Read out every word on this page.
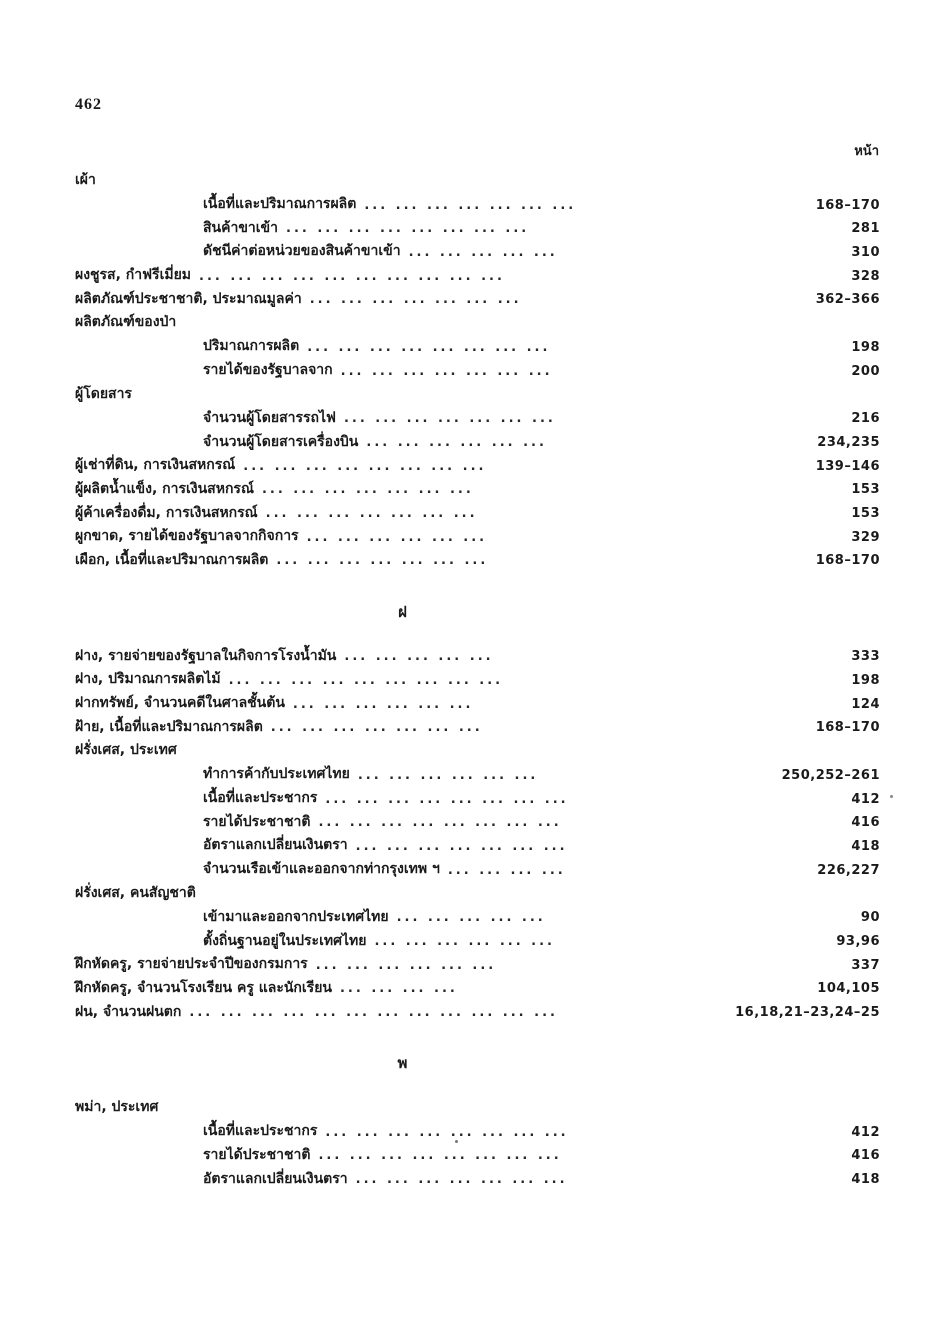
462
หน้า
เผ้า
เนื้อที่และปริมาณการผลิต ... ... ... ... ... ... ...	168–170
สินค้าขาเข้า ... ... ... ... ... ... ... ...	281
ดัชนีค่าต่อหน่วยของสินค้าขาเข้า ... ... ... ... ...	310
ผงชูรส, กำฟรีเมี่ยม ... ... ... ... ... ... ... ... ... ...	328
ผลิตภัณฑ์ประชาชาติ, ประมาณมูลค่า ... ... ... ... ... ... ...	362–366
ผลิตภัณฑ์ของป่า
ปริมาณการผลิต ... ... ... ... ... ... ... ...	198
รายได้ของรัฐบาลจาก ... ... ... ... ... ... ...	200
ผู้โดยสาร
จำนวนผู้โดยสารรถไฟ ... ... ... ... ... ... ...	216
จำนวนผู้โดยสารเครื่องบิน ... ... ... ... ... ...	234,235
ผู้เช่าที่ดิน, การเงินสหกรณ์ ... ... ... ... ... ... ... ...	139–146
ผู้ผลิตน้ำแข็ง, การเงินสหกรณ์ ... ... ... ... ... ... ...	153
ผู้ค้าเครื่องดื่ม, การเงินสหกรณ์ ... ... ... ... ... ... ...	153
ผูกขาด, รายได้ของรัฐบาลจากกิจการ ... ... ... ... ... ...	329
เผือก, เนื้อที่และปริมาณการผลิต ... ... ... ... ... ... ...	168–170
ฝ
ฝาง, รายจ่ายของรัฐบาลในกิจการโรงน้ำมัน ... ... ... ... ...	333
ฝาง, ปริมาณการผลิตไม้ ... ... ... ... ... ... ... ... ...	198
ฝากทรัพย์, จำนวนคดีในศาลชั้นต้น ... ... ... ... ... ...	124
ฝ้าย, เนื้อที่และปริมาณการผลิต ... ... ... ... ... ... ...	168–170
ฝรั่งเศส, ประเทศ
ทำการค้ากับประเทศไทย ... ... ... ... ... ...	250,252–261
เนื้อที่และประชากร ... ... ... ... ... ... ... ...	412
รายได้ประชาชาติ ... ... ... ... ... ... ... ...	416
อัตราแลกเปลี่ยนเงินตรา ... ... ... ... ... ... ...	418
จำนวนเรือเข้าและออกจากท่ากรุงเทพ ฯ ... ... ... ...	226,227
ฝรั่งเศส, คนสัญชาติ
เข้ามาและออกจากประเทศไทย ... ... ... ... ...	90
ตั้งถิ่นฐานอยู่ในประเทศไทย ... ... ... ... ... ...	93,96
ฝึกหัดครู, รายจ่ายประจำปีของกรมการ ... ... ... ... ... ...	337
ฝึกหัดครู, จำนวนโรงเรียน ครู และนักเรียน ... ... ... ...	104,105
ฝน, จำนวนฝนตก ... ... ... ... ... ... ... ... ... ... ... ...	16,18,21–23,24–25
พ
พม่า, ประเทศ
เนื้อที่และประชากร ... ... ... ... ... ... ... ...	412
รายได้ประชาชาติ ... ... ... ... ... ... ... ...	416
อัตราแลกเปลี่ยนเงินตรา ... ... ... ... ... ... ...	418
